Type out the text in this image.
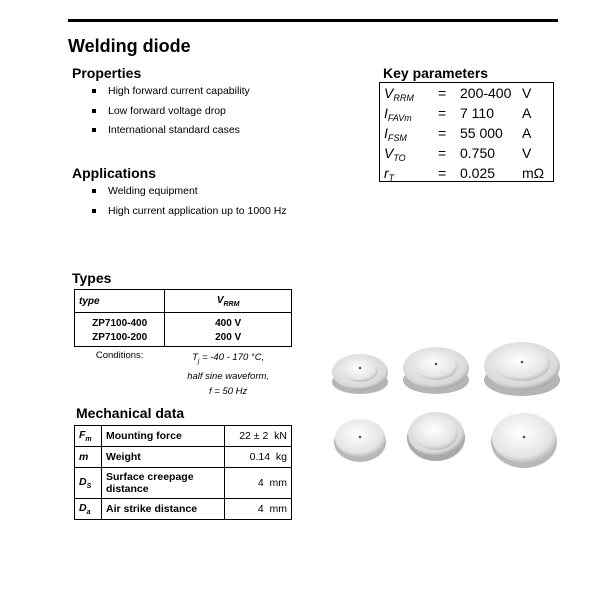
Welding diode
Properties
High forward current capability
Low forward voltage drop
International standard cases
Applications
Welding equipment
High current application up to 1000 Hz
Key parameters
$V_{RRM} = 200-400$ V
$I_{FAVm} = 7$ 110 A
$I_{FSM} = 55$ 000 A
$V_{TO} = 0.750$ V
$r_T$	= 0.025 mΩ
Types
type	$V_{RRM}$
ZP7100-400	400 V
ZP7100-200	200 V
Conditions:	$T_j = -40 - 170$ °C,
half sine waveform,
f = 50 Hz
Mechanical data
$F_m$	Mounting force	22 ± 2 kN
m	Weight	0.14 kg
$D_S$	Surface creepage distance	4 mm
$D_a$	Air strike distance	4 mm
